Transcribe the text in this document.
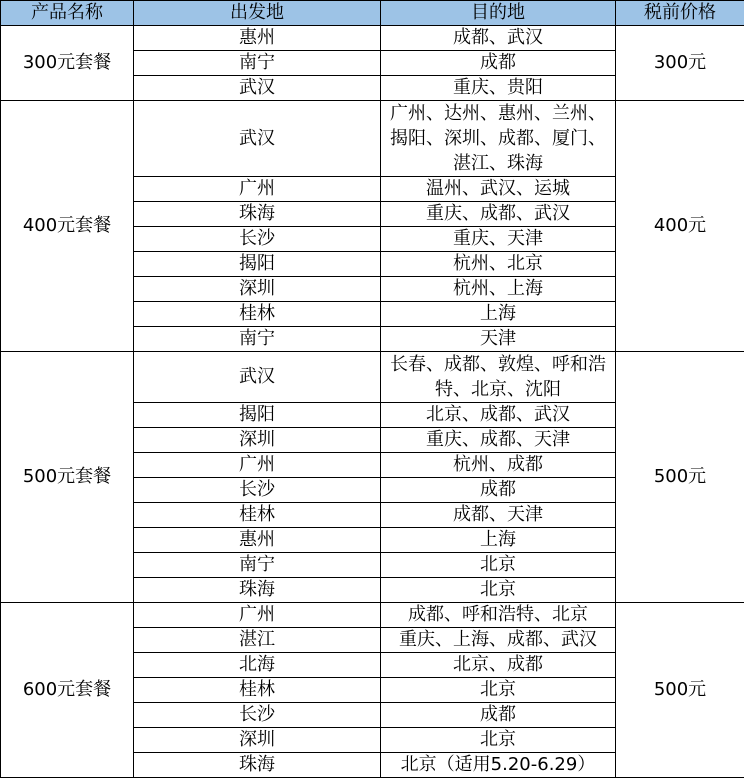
产品名称	出发地	目的地	税前价格
300元套餐	惠州	成都、武汉	300元
	南宁	成都	
	武汉	重庆、贵阳	
400元套餐	武汉	广州、达州、惠州、兰州、揭阳、深圳、成都、厦门、湛江、珠海	400元
	广州	温州、武汉、运城	
	珠海	重庆、成都、武汉	
	长沙	重庆、天津	
	揭阳	杭州、北京	
	深圳	杭州、上海	
	桂林	上海	
	南宁	天津	
500元套餐	武汉	长春、成都、敦煌、呼和浩特、北京、沈阳	500元
	揭阳	北京、成都、武汉	
	深圳	重庆、成都、天津	
	广州	杭州、成都	
	长沙	成都	
	桂林	成都、天津	
	惠州	上海	
	南宁	北京	
	珠海	北京	
600元套餐	广州	成都、呼和浩特、北京	500元
	湛江	重庆、上海、成都、武汉	
	北海	北京、成都	
	桂林	北京	
	长沙	成都	
	深圳	北京	
	珠海	北京（适用5.20-6.29）	
